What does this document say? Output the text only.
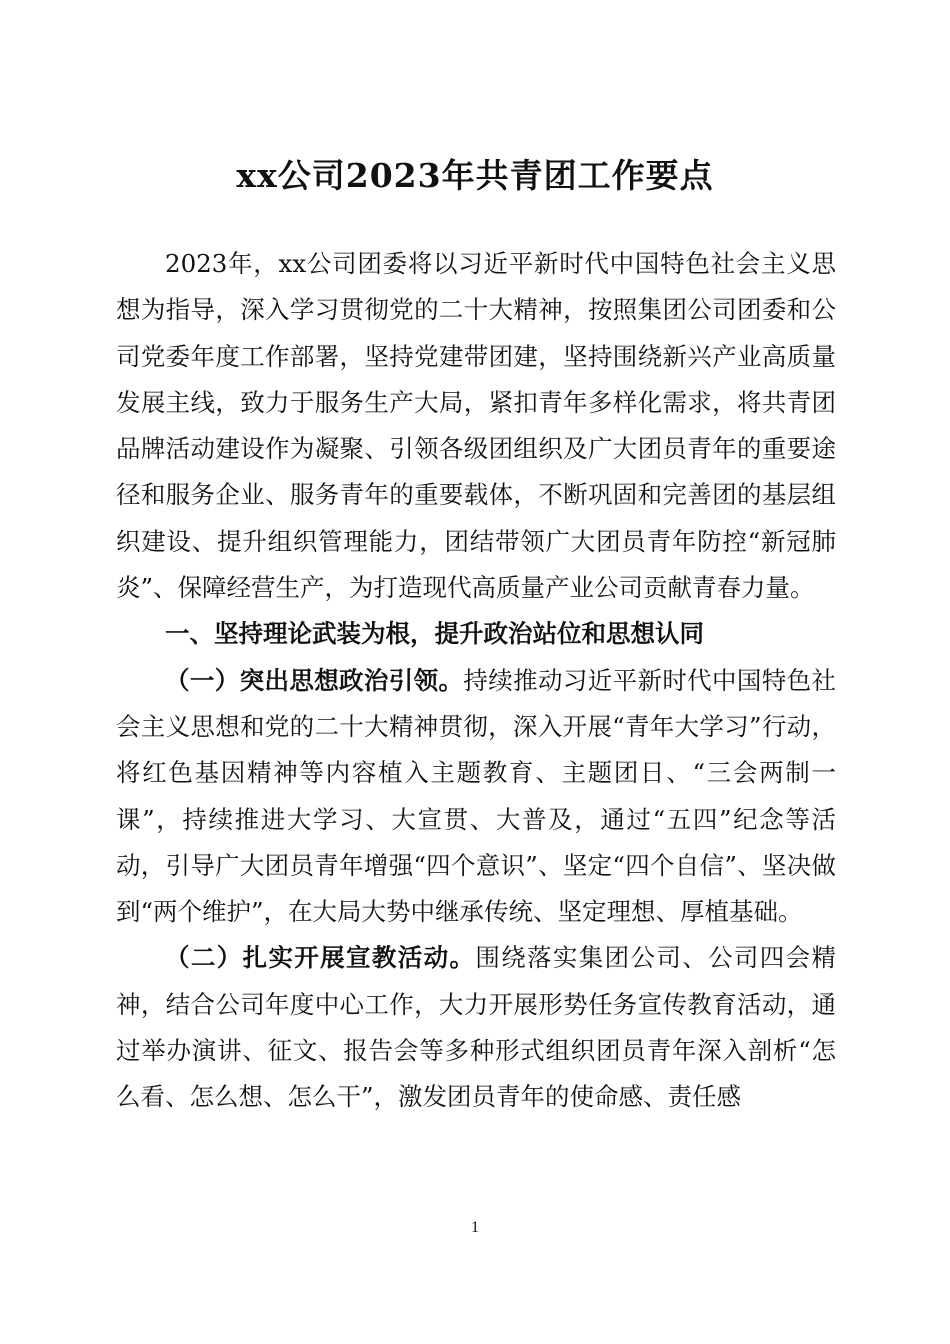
xx公司2023年共青团工作要点

2023年，xx公司团委将以习近平新时代中国特色社会主义思想为指导，深入学习贯彻党的二十大精神，按照集团公司团委和公司党委年度工作部署，坚持党建带团建，坚持围绕新兴产业高质量发展主线，致力于服务生产大局，紧扣青年多样化需求，将共青团品牌活动建设作为凝聚、引领各级团组织及广大团员青年的重要途径和服务企业、服务青年的重要载体，不断巩固和完善团的基层组织建设、提升组织管理能力，团结带领广大团员青年防控“新冠肺炎”、保障经营生产，为打造现代高质量产业公司贡献青春力量。

一、坚持理论武装为根，提升政治站位和思想认同

（一）突出思想政治引领。持续推动习近平新时代中国特色社会主义思想和党的二十大精神贯彻，深入开展“青年大学习”行动，将红色基因精神等内容植入主题教育、主题团日、“三会两制一课”，持续推进大学习、大宣贯、大普及，通过“五四”纪念等活动，引导广大团员青年增强“四个意识”、坚定“四个自信”、坚决做到“两个维护”，在大局大势中继承传统、坚定理想、厚植基础。

（二）扎实开展宣教活动。围绕落实集团公司、公司四会精神，结合公司年度中心工作，大力开展形势任务宣传教育活动，通过举办演讲、征文、报告会等多种形式组织团员青年深入剖析“怎么看、怎么想、怎么干”，激发团员青年的使命感、责任感

1
